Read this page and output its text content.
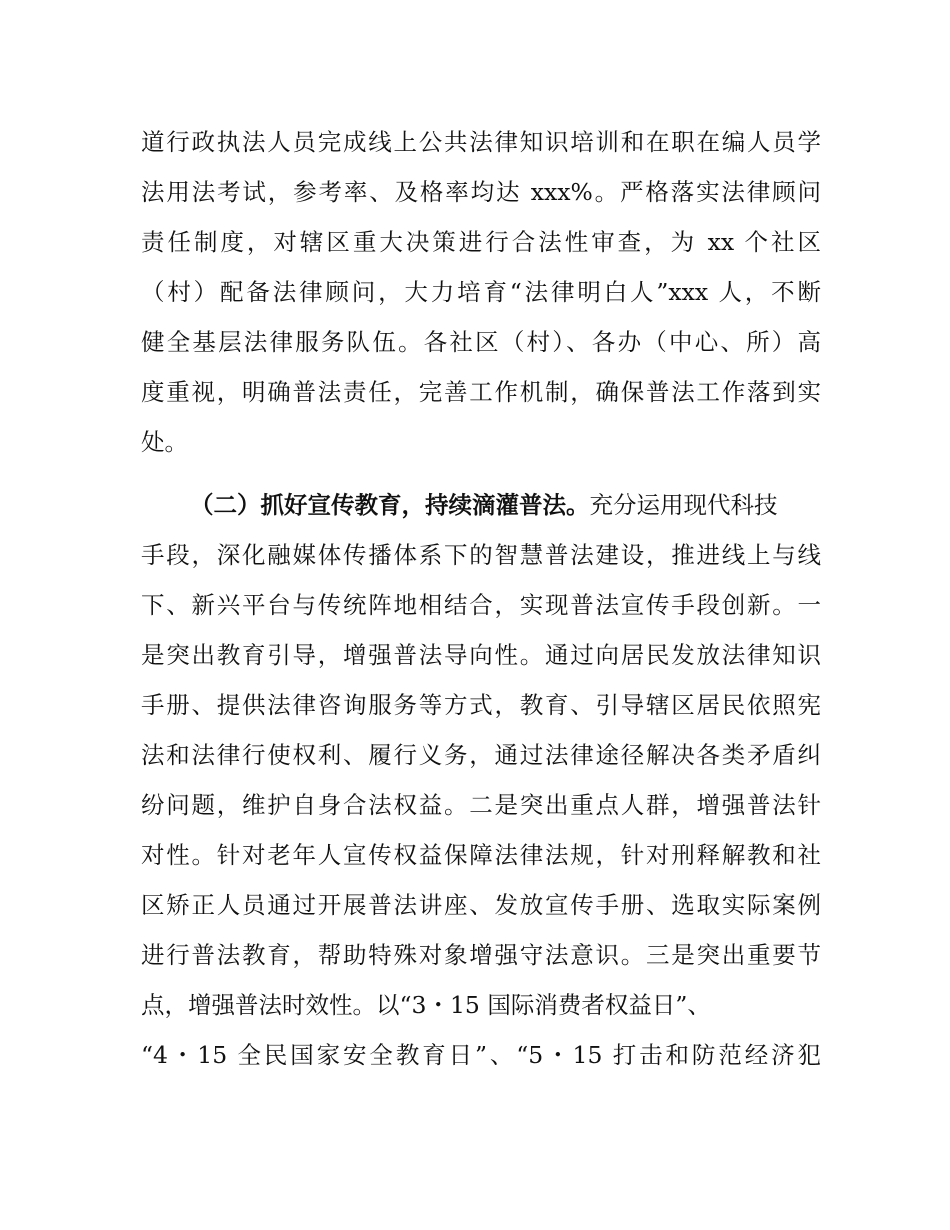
道行政执法人员完成线上公共法律知识培训和在职在编人员学
法用法考试，参考率、及格率均达 xxx%。严格落实法律顾问
责任制度，对辖区重大决策进行合法性审查，为 xx 个社区
（村）配备法律顾问，大力培育“法律明白人”xxx 人，不断
健全基层法律服务队伍。各社区（村）、各办（中心、所）高
度重视，明确普法责任，完善工作机制，确保普法工作落到实
处。
（二）抓好宣传教育，持续滴灌普法。充分运用现代科技
手段，深化融媒体传播体系下的智慧普法建设，推进线上与线
下、新兴平台与传统阵地相结合，实现普法宣传手段创新。一
是突出教育引导，增强普法导向性。通过向居民发放法律知识
手册、提供法律咨询服务等方式，教育、引导辖区居民依照宪
法和法律行使权利、履行义务，通过法律途径解决各类矛盾纠
纷问题，维护自身合法权益。二是突出重点人群，增强普法针
对性。针对老年人宣传权益保障法律法规，针对刑释解教和社
区矫正人员通过开展普法讲座、发放宣传手册、选取实际案例
进行普法教育，帮助特殊对象增强守法意识。三是突出重要节
点，增强普法时效性。以“3・15 国际消费者权益日”、
“4・15 全民国家安全教育日”、“5・15 打击和防范经济犯
